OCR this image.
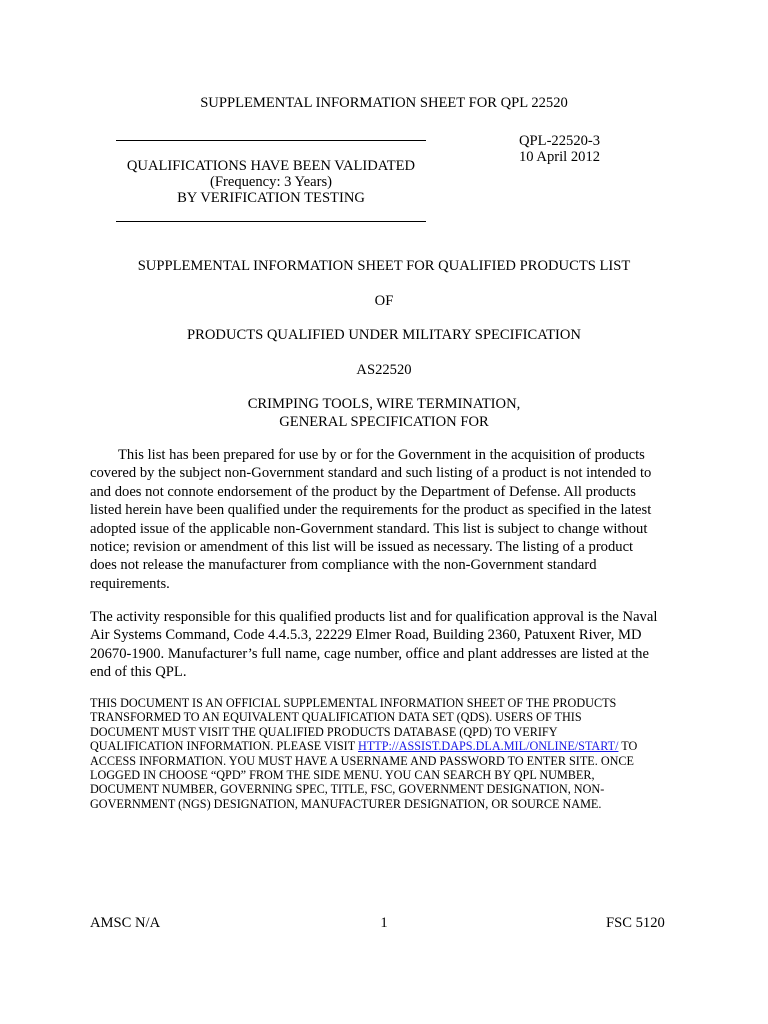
SUPPLEMENTAL INFORMATION SHEET FOR QPL 22520
QUALIFICATIONS HAVE BEEN VALIDATED
(Frequency: 3 Years)
BY VERIFICATION TESTING
QPL-22520-3
10 April 2012
SUPPLEMENTAL INFORMATION SHEET FOR QUALIFIED PRODUCTS LIST
OF
PRODUCTS QUALIFIED UNDER MILITARY SPECIFICATION
AS22520
CRIMPING TOOLS, WIRE TERMINATION,
GENERAL SPECIFICATION FOR
This list has been prepared for use by or for the Government in the acquisition of products
covered by the subject non-Government standard and such listing of a product is not intended to
and does not connote endorsement of the product by the Department of Defense. All products
listed herein have been qualified under the requirements for the product as specified in the latest
adopted issue of the applicable non-Government standard. This list is subject to change without
notice; revision or amendment of this list will be issued as necessary. The listing of a product
does not release the manufacturer from compliance with the non-Government standard
requirements.
The activity responsible for this qualified products list and for qualification approval is the Naval
Air Systems Command, Code 4.4.5.3, 22229 Elmer Road, Building 2360, Patuxent River, MD
20670-1900. Manufacturer’s full name, cage number, office and plant addresses are listed at the
end of this QPL.
THIS DOCUMENT IS AN OFFICIAL SUPPLEMENTAL INFORMATION SHEET OF THE PRODUCTS
TRANSFORMED TO AN EQUIVALENT QUALIFICATION DATA SET (QDS). USERS OF THIS
DOCUMENT MUST VISIT THE QUALIFIED PRODUCTS DATABASE (QPD) TO VERIFY
QUALIFICATION INFORMATION. PLEASE VISIT HTTP://ASSIST.DAPS.DLA.MIL/ONLINE/START/ TO
ACCESS INFORMATION. YOU MUST HAVE A USERNAME AND PASSWORD TO ENTER SITE. ONCE
LOGGED IN CHOOSE “QPD” FROM THE SIDE MENU. YOU CAN SEARCH BY QPL NUMBER,
DOCUMENT NUMBER, GOVERNING SPEC, TITLE, FSC, GOVERNMENT DESIGNATION, NON-
GOVERNMENT (NGS) DESIGNATION, MANUFACTURER DESIGNATION, OR SOURCE NAME.
AMSC N/A	1	FSC 5120
